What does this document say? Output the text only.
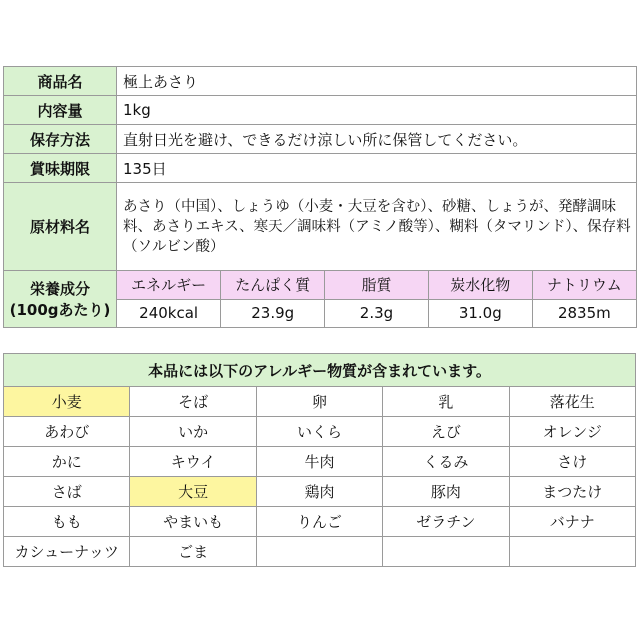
商品名	極上あさり
内容量	1kg
保存方法	直射日光を避け、できるだけ涼しい所に保管してください。
賞味期限	135日
原材料名	あさり（中国）、しょうゆ（小麦・大豆を含む）、砂糖、しょうが、発酵調味料、あさりエキス、寒天／調味料（アミノ酸等）、糊料（タマリンド）、保存料（ソルビン酸）

栄養成分
(100gあたり)

エネルギー	たんぱく質	脂質	炭水化物	ナトリウム
240kcal	23.9g	2.3g	31.0g	2835m
本品には以下のアレルギー物質が含まれています。				
小麦	そば	卵	乳	落花生
あわび	いか	いくら	えび	オレンジ
かに	キウイ	牛肉	くるみ	さけ
さば	大豆	鶏肉	豚肉	まつたけ
もも	やまいも	りんご	ゼラチン	バナナ
カシューナッツ	ごま			
